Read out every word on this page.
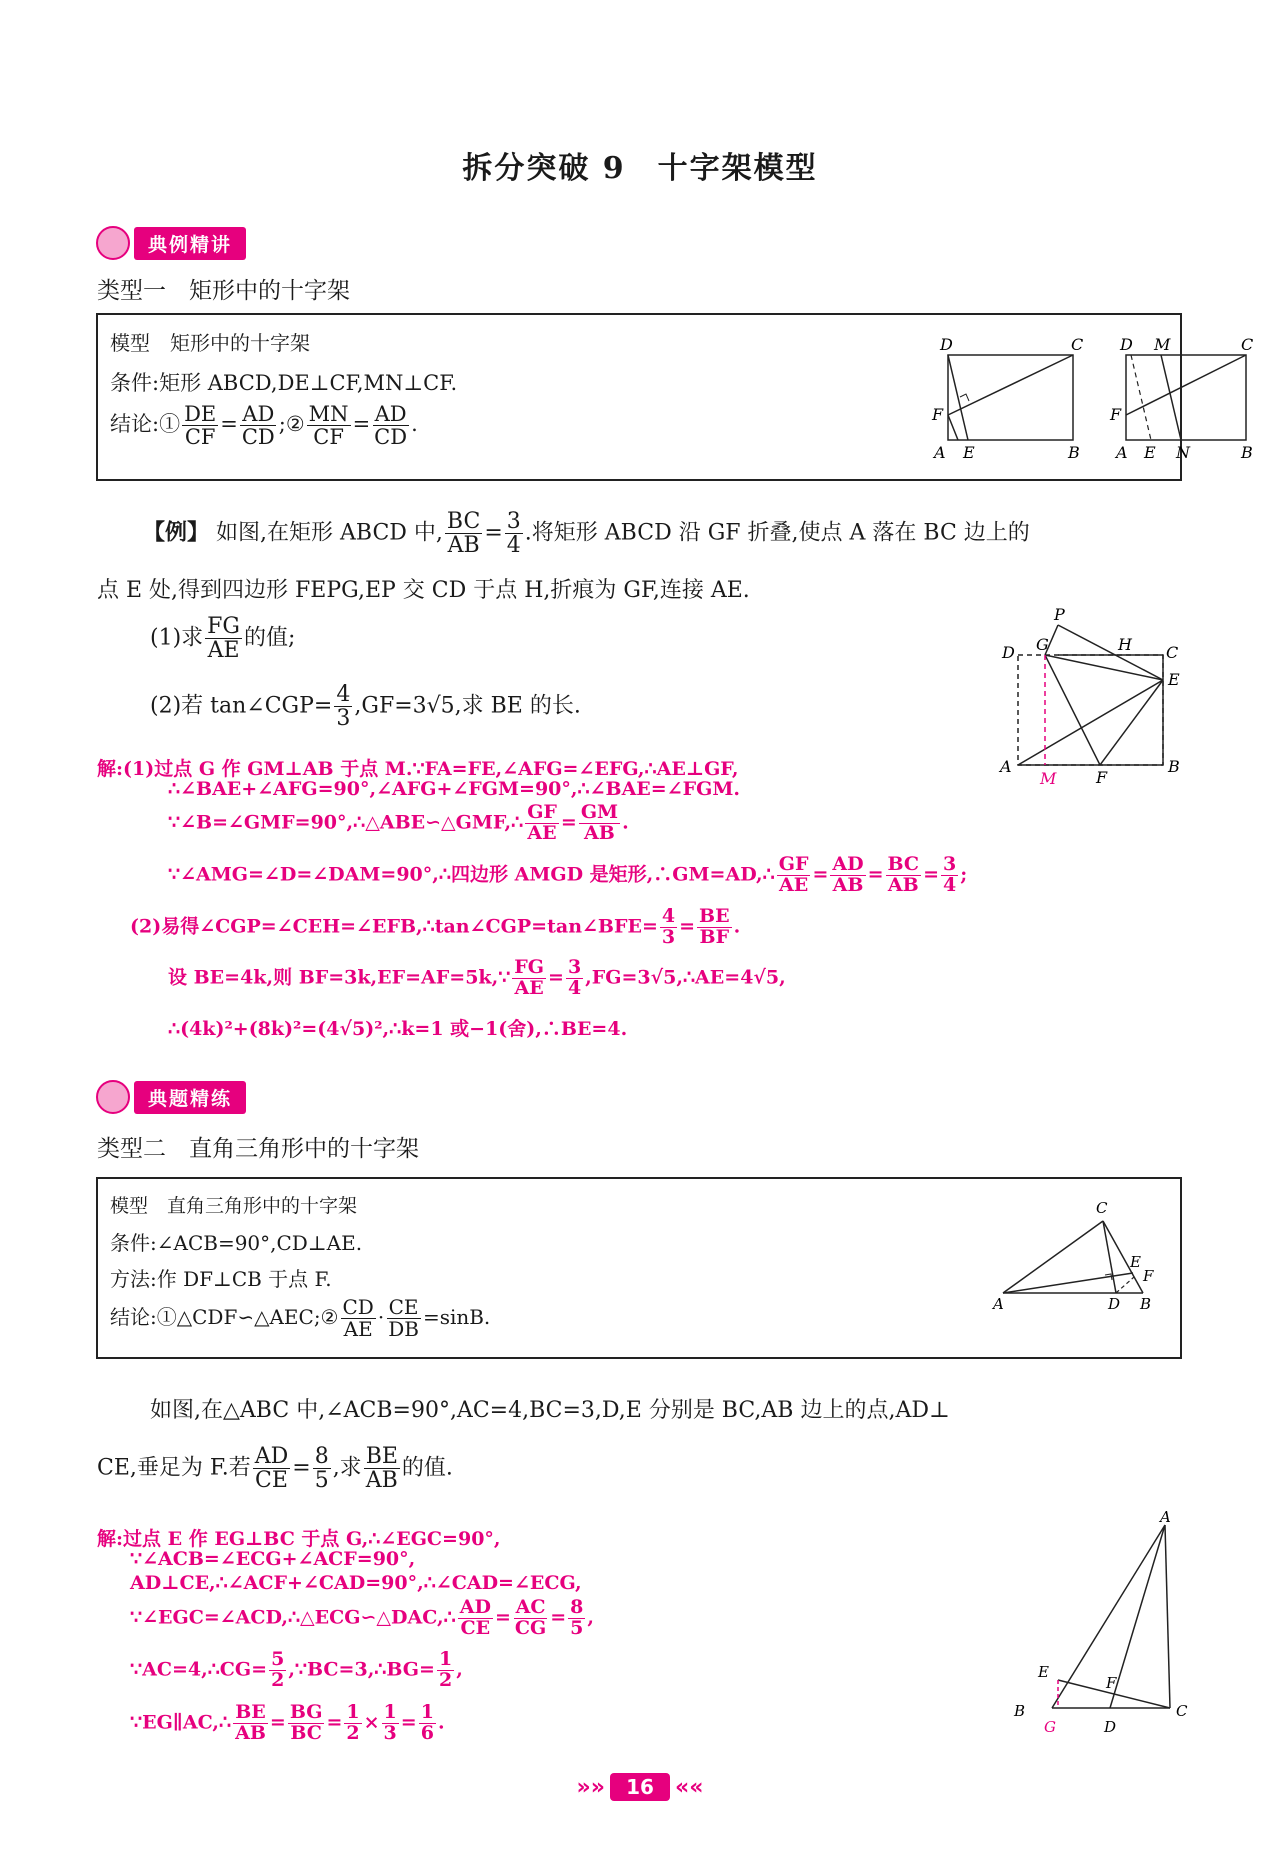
拆分突破 9　十字架模型
典例精讲
类型一　矩形中的十字架
模型　矩形中的十字架
条件:矩形 ABCD,DE⊥CF,MN⊥CF.
结论:① $\frac{DE}{CF} = \frac{AD}{CD}$ ;② $\frac{MN}{CF} = \frac{AD}{CD}$ .
D	C
F
A E	B
D M	C
F
A E N	B
【例】 如图,在矩形 ABCD 中, $\frac{BC}{AB} = \frac{3}{4}$ .将矩形 ABCD 沿 GF 折叠,使点 A 落在 BC 边上的
点 E 处,得到四边形 FEPG,EP 交 CD 于点 H,折痕为 GF,连接 AE.
(1)求 $\frac{FG}{AE}$ 的值;
(2)若 tan∠CGP= $\frac{4}{3} ,GF=3√5$,求 BE 的长.
P
D G	H C
E
A
M F
B
解:(1)过点 G 作 GM⊥AB 于点 M.∵FA=FE,∠AFG=∠EFG,∴AE⊥GF,
∴∠BAE+∠AFG=90°,∠AFG+∠FGM=90°,∴∠BAE=∠FGM.
∵∠B=∠GMF=90°,∴△ABE∽△GMF,∴ $\frac{GF}{AE} = \frac{GM}{AB}$ .
∵∠AMG=∠D=∠DAM=90°,∴四边形 AMGD 是矩形,∴GM=AD,∴ $\frac{GF}{AE} = \frac{AD}{AB} = \frac{BC}{AB} = \frac{3}{4}$ ;
(2)易得∠CGP=∠CEH=∠EFB,∴tan∠CGP=tan∠BFE= $\frac{4}{3} = \frac{BE}{BF}$ .
设 BE=4k,则 BF=3k,EF=AF=5k,∵ $\frac{FG}{AE} = \frac{3}{4}$ ,FG=3√5,∴AE=4√5,
∴(4k)²+(8k)²=(4√5)²,∴k=1 或−1(舍),∴BE=4.
典题精练
类型二　直角三角形中的十字架
模型　直角三角形中的十字架
条件:∠ACB=90°,CD⊥AE.
方法:作 DF⊥CB 于点 F.
结论:①△CDF∽△AEC;② $\frac{CD}{AE} \cdot \frac{CE}{DB} =\sin B$.
C
E
F
A	D B
如图,在△ABC 中,∠ACB=90°,AC=4,BC=3,D,E 分别是 BC,AB 边上的点,AD⊥
CE,垂足为 F.若 $\frac{AD}{CE} = \frac{8}{5}$ ,求 $\frac{BE}{AB}$ 的值.
解:过点 E 作 EG⊥BC 于点 G,∴∠EGC=90°,
∵∠ACB=∠ECG+∠ACF=90°,
AD⊥CE,∴∠ACF+∠CAD=90°,∴∠CAD=∠ECG,
∵∠EGC=∠ACD,∴△ECG∽△DAC,∴ $\frac{AD}{CE} = \frac{AC}{CG} = \frac{8}{5}$ ,
∵AC=4,∴CG= $\frac{5}{2}$ ,∵BC=3,∴BG= $\frac{1}{2}$ ,
∵EG∥AC,∴ $\frac{BE}{AB} = \frac{BG}{BC} = \frac{1}{2} \times \frac{1}{3} = \frac{1}{6}$ .
A
E
F
B	C
G	D
»» 16 ««
